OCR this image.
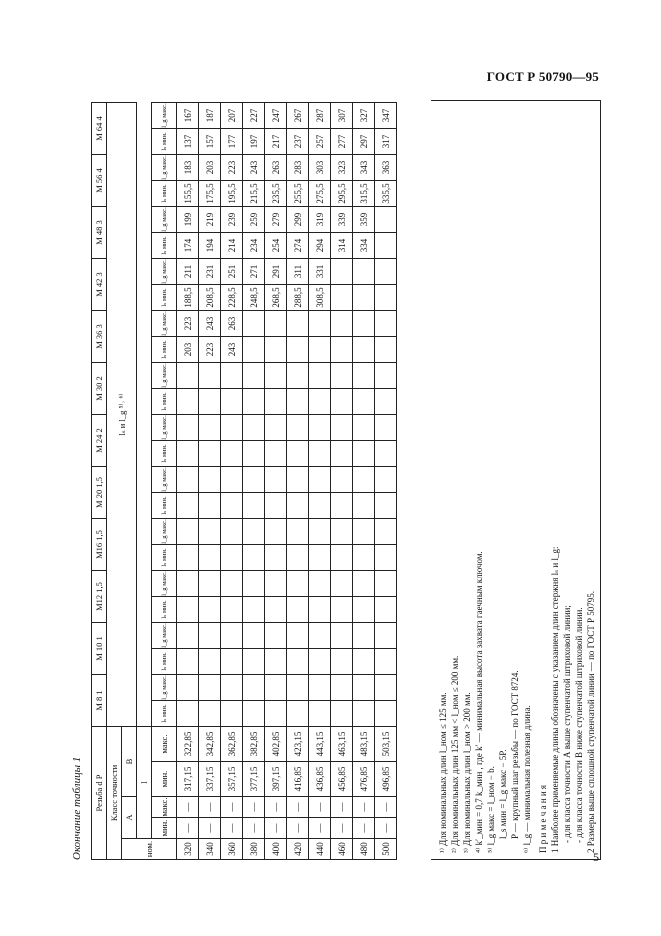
ГОСТ Р 50790—95
Окончание таблицы 1 Резьба d P					M 8 1		M 10 1		M12 1,5		M16 1,5		M 20 1,5		M 24 2		M 30 2		M 36 3		M 42 3		M 48 3		M 56 4		M 64 4	
Класс точности					lₛ и l_g ⁵⁾˒ ⁶⁾																							
ном.	А		В																									
	l																											
	мин.	макс.	мин.	макс.	lₛ мин.	l_g макс.	lₛ мин.	l_g макс.	lₛ мин.	l_g макс.	lₛ мин.	l_g макс.	lₛ мин.	l_g макс.	lₛ мин.	l_g макс.	lₛ мин.	l_g макс.	lₛ мин.	l_g макс.	lₛ мин.	l_g макс.	lₛ мин.	l_g макс.	lₛ мин.	l_g макс.	lₛ мин.	l_g макс.
320	—	—	317,15	322,85															203	223	188,5	211	174	199	155,5	183	137	167
340	—	—	337,15	342,85															223	243	208,5	231	194	219	175,5	203	157	187
360	—	—	357,15	362,85															243	263	228,5	251	214	239	195,5	223	177	207
380	—	—	377,15	382,85																	248,5	271	234	259	215,5	243	197	227
400	—	—	397,15	402,85																	268,5	291	254	279	235,5	263	217	247
420	—	—	416,85	423,15																	288,5	311	274	299	255,5	283	237	267
440	—	—	436,85	443,15																	308,5	331	294	319	275,5	303	257	287
460	—	—	456,85	463,15																			314	339	295,5	323	277	307
480	—	—	476,85	483,15																			334	359	315,5	343	297	327
500	—	—	496,85	503,15																					335,5	363	317	347
¹⁾ Для номинальных длин l_ном ≤ 125 мм. ²⁾ Для номинальных длин 125 мм < l_ном ≤ 200 мм. ³⁾ Для номинальных длин l_ном > 200 мм. ⁴⁾ k′_мин = 0,7 k_мин , где k′ — минимальная высота захвата гаечным ключом. ⁵⁾ l_g макс = l_ном − b. l_s мин = l_g макс − 5P. P — крупный шаг резьбы — по ГОСТ 8724. ⁶⁾ l_g — минимальная полезная длина. П р и м е ч а н и я 1 Наиболее применяемые длины обозначены с указанием длин стержня lₛ и l_g: - для класса точности А выше ступенчатой штриховой линии; - для класса точности В ниже ступенчатой штриховой линии. 2 Размеры выше сплошной ступенчатой линии — по ГОСТ Р 50795.
5
